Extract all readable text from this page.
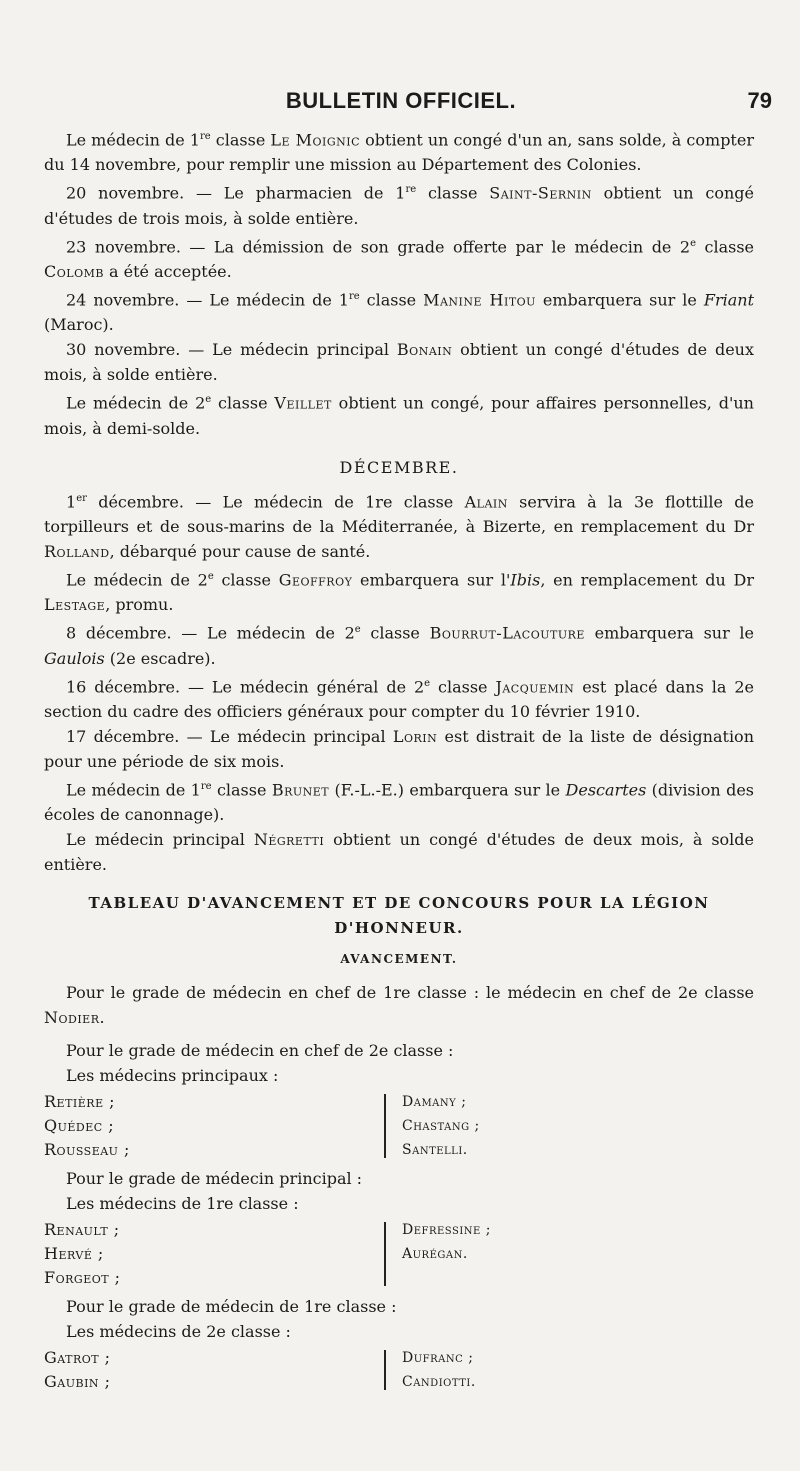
BULLETIN OFFICIEL.	79

Le médecin de 1re classe Le Moignic obtient un congé d'un an, sans solde, à compter du 14 novembre, pour remplir une mission au Département des Colonies.

20 novembre. — Le pharmacien de 1re classe Saint-Sernin obtient un congé d'études de trois mois, à solde entière.

23 novembre. — La démission de son grade offerte par le médecin de 2e classe Colomb a été acceptée.

24 novembre. — Le médecin de 1re classe Manine Hitou embarquera sur le Friant (Maroc).

30 novembre. — Le médecin principal Bonain obtient un congé d'études de deux mois, à solde entière.

Le médecin de 2e classe Veillet obtient un congé, pour affaires personnelles, d'un mois, à demi-solde.

DÉCEMBRE.

1er décembre. — Le médecin de 1re classe Alain servira à la 3e flottille de torpilleurs et de sous-marins de la Méditerranée, à Bizerte, en remplacement du Dr Rolland, débarqué pour cause de santé.

Le médecin de 2e classe Geoffroy embarquera sur l'Ibis, en remplacement du Dr Lestage, promu.

8 décembre. — Le médecin de 2e classe Bourrut-Lacouture embarquera sur le Gaulois (2e escadre).

16 décembre. — Le médecin général de 2e classe Jacquemin est placé dans la 2e section du cadre des officiers généraux pour compter du 10 février 1910.

17 décembre. — Le médecin principal Lorin est distrait de la liste de désignation pour une période de six mois.

Le médecin de 1re classe Brunet (F.-L.-E.) embarquera sur le Descartes (division des écoles de canonnage).

Le médecin principal Négretti obtient un congé d'études de deux mois, à solde entière.

TABLEAU D'AVANCEMENT ET DE CONCOURS POUR LA LÉGION D'HONNEUR.
AVANCEMENT.

Pour le grade de médecin en chef de 1re classe : le médecin en chef de 2e classe Nodier.

Pour le grade de médecin en chef de 2e classe :

Les médecins principaux :

Retière ;
Quédec ;
Rousseau ;
Damany ;
Chastang ;
Santelli.

Pour le grade de médecin principal :

Les médecins de 1re classe :

Renault ;
Hervé ;
Forgeot ;
Defressine ;
Aurégan.

Pour le grade de médecin de 1re classe :

Les médecins de 2e classe :

Gatrot ;
Gaubin ;
Dufranc ;
Candiotti.
